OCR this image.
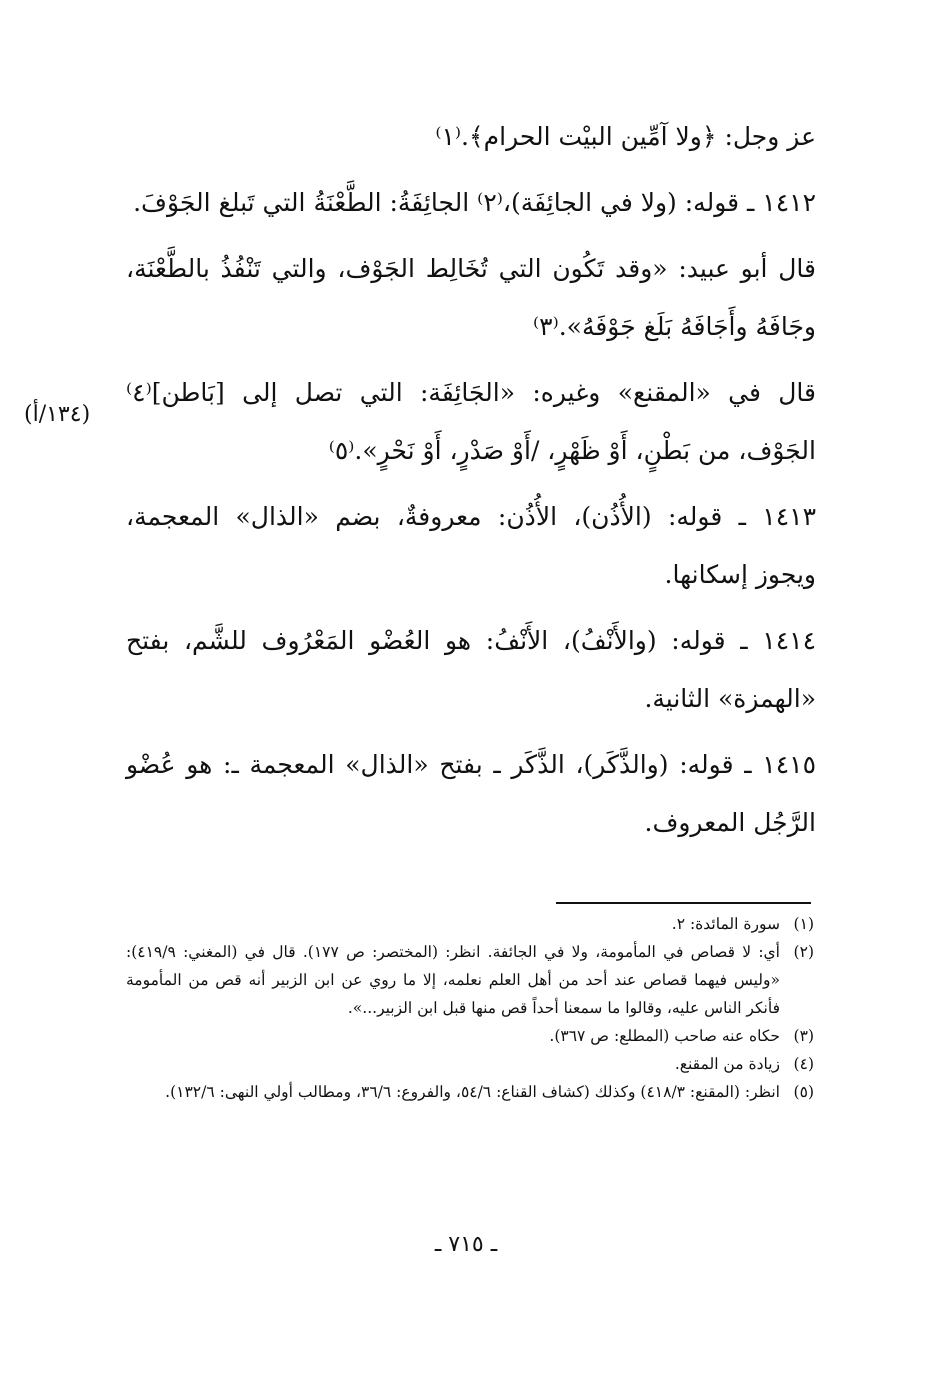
عز وجل: ﴿ولا آمِّين البيْت الحرام﴾.⁽١⁾

١٤١٢ ـ قوله: (ولا في الجائِفَة)،⁽٢⁾ الجائِفَةُ: الطَّعْنَةُ التي تَبلغ الجَوْفَ.

قال أبو عبيد: «وقد تَكُون التي تُخَالِط الجَوْف، والتي تَنْفُذُ بالطَّعْنَة، وجَافَهُ وأَجَافَهُ بَلَغ جَوْفَهُ».⁽٣⁾

قال في «المقنع» وغيره: «الجَائِفَة: التي تصل إلى [بَاطن]⁽٤⁾ الجَوْف، من بَطْنٍ، أَوْ ظَهْرٍ، /أَوْ صَدْرٍ، أَوْ نَحْرٍ».⁽٥⁾

١٤١٣ ـ قوله: (الأُذُن)، الأُذُن: معروفةٌ، بضم «الذال» المعجمة، ويجوز إسكانها.

١٤١٤ ـ قوله: (والأَنْفُ)، الأَنْفُ: هو العُضْو المَعْرُوف للشَّم، بفتح «الهمزة» الثانية.

١٤١٥ ـ قوله: (والذَّكَر)، الذَّكَر ـ بفتح «الذال» المعجمة ـ: هو عُضْو الرَّجُل المعروف.

(١٣٤/أ)
(١)
سورة المائدة: ٢.
(٢)
أي: لا قصاص في المأمومة، ولا في الجائفة. انظر: (المختصر: ص ١٧٧). قال في (المغني: ٤١٩/٩): «وليس فيهما قصاص عند أحد من أهل العلم نعلمه، إلا ما روي عن ابن الزبير أنه قص من المأمومة فأنكر الناس عليه، وقالوا ما سمعنا أحداً قص منها قبل ابن الزبير...».
(٣)
حكاه عنه صاحب (المطلع: ص ٣٦٧).
(٤)
زيادة من المقنع.
(٥)
انظر: (المقنع: ٤١٨/٣) وكذلك (كشاف القناع: ٥٤/٦، والفروع: ٣٦/٦، ومطالب أولي النهى: ١٣٢/٦).
ـ ٧١٥ ـ
